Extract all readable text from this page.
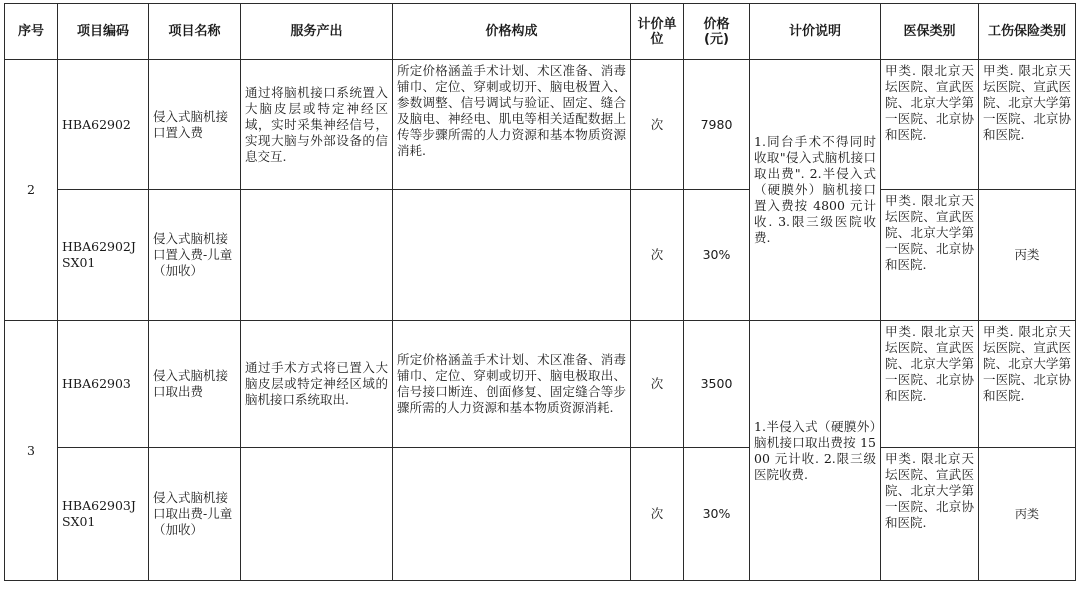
序号	项目编码	项目名称	服务产出	价格构成	计价单位	价格(元)	计价说明	医保类别	工伤保险类别
2	HBA62902	侵入式脑机接口置入费	通过将脑机接口系统置入大脑皮层或特定神经区域，实时采集神经信号，实现大脑与外部设备的信息交互.	所定价格涵盖手术计划、术区准备、消毒铺巾、定位、穿刺或切开、脑电极置入、参数调整、信号调试与验证、固定、缝合及脑电、神经电、肌电等相关适配数据上传等步骤所需的人力资源和基本物质资源消耗.	次	7980	1.同台手术不得同时收取"侵入式脑机接口取出费". 2.半侵入式（硬膜外）脑机接口置入费按 4800 元计收. 3.限三级医院收费.	甲类. 限北京天坛医院、宣武医院、北京大学第一医院、北京协和医院.	甲类. 限北京天坛医院、宣武医院、北京大学第一医院、北京协和医院.
	HBA62902JSX01	侵入式脑机接口置入费-儿童（加收）			次	30%		甲类. 限北京天坛医院、宣武医院、北京大学第一医院、北京协和医院.	丙类
3	HBA62903	侵入式脑机接口取出费	通过手术方式将已置入大脑皮层或特定神经区域的脑机接口系统取出.	所定价格涵盖手术计划、术区准备、消毒铺巾、定位、穿刺或切开、脑电极取出、信号接口断连、创面修复、固定缝合等步骤所需的人力资源和基本物质资源消耗.	次	3500	1.半侵入式（硬膜外）脑机接口取出费按 1500 元计收. 2.限三级医院收费.	甲类. 限北京天坛医院、宣武医院、北京大学第一医院、北京协和医院.	甲类. 限北京天坛医院、宣武医院、北京大学第一医院、北京协和医院.
	HBA62903JSX01	侵入式脑机接口取出费-儿童（加收）			次	30%		甲类. 限北京天坛医院、宣武医院、北京大学第一医院、北京协和医院.	丙类
